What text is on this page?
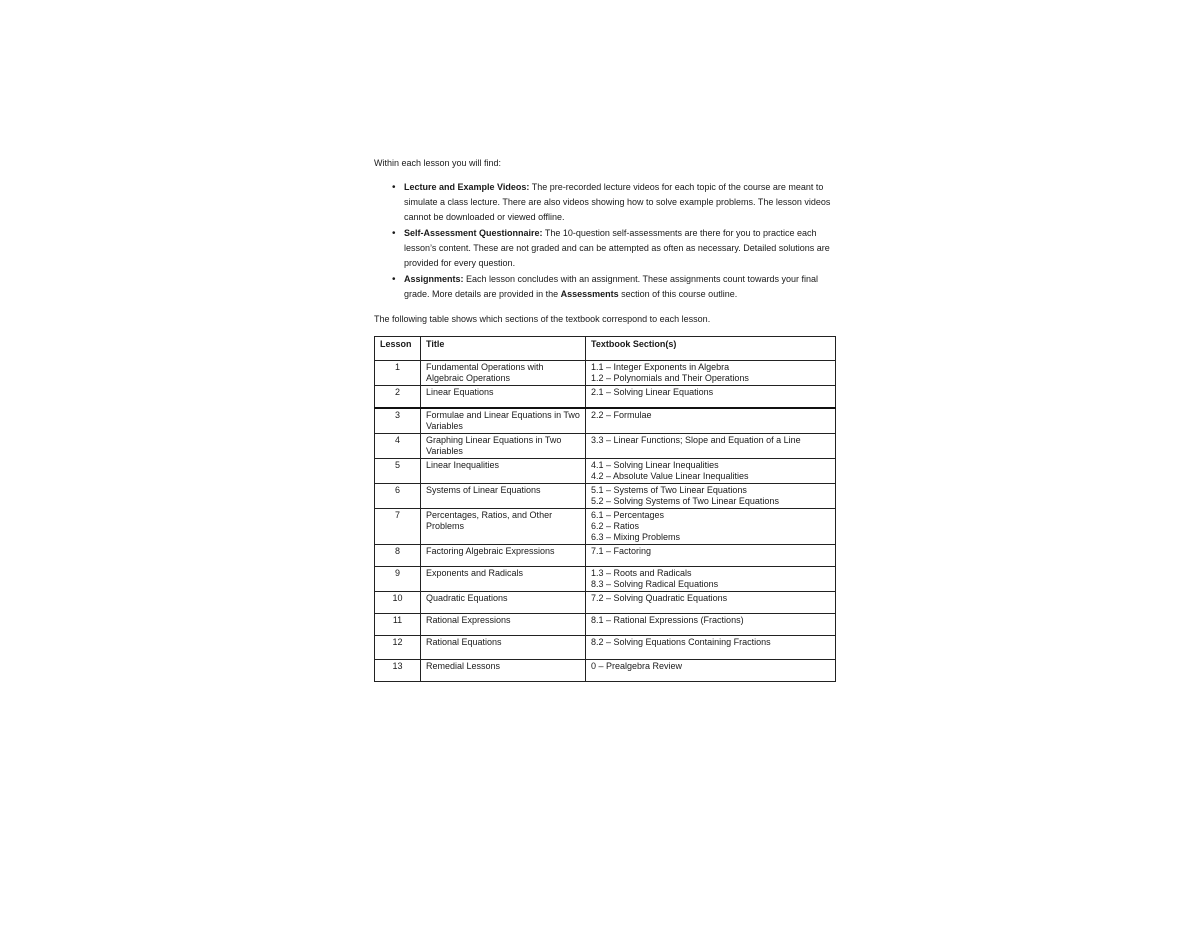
Within each lesson you will find:

• Lecture and Example Videos: The pre-recorded lecture videos for each topic of the course are meant to simulate a class lecture. There are also videos showing how to solve example problems. The lesson videos cannot be downloaded or viewed offline.
• Self-Assessment Questionnaire: The 10-question self-assessments are there for you to practice each lesson’s content. These are not graded and can be attempted as often as necessary. Detailed solutions are provided for every question.
• Assignments: Each lesson concludes with an assignment. These assignments count towards your final grade. More details are provided in the Assessments section of this course outline.

The following table shows which sections of the textbook correspond to each lesson.

Lesson	Title	Textbook Section(s)
1	Fundamental Operations with Algebraic Operations	1.1 – Integer Exponents in Algebra
1.2 – Polynomials and Their Operations

2	Linear Equations	2.1 – Solving Linear Equations

3	Formulae and Linear Equations in Two Variables	2.2 – Formulae

4	Graphing Linear Equations in Two Variables	3.3 – Linear Functions; Slope and Equation of a Line

5	Linear Inequalities	4.1 – Solving Linear Inequalities
4.2 – Absolute Value Linear Inequalities

6	Systems of Linear Equations	5.1 – Systems of Two Linear Equations
5.2 – Solving Systems of Two Linear Equations

7	Percentages, Ratios, and Other Problems	6.1 – Percentages
6.2 – Ratios
6.3 – Mixing Problems

8	Factoring Algebraic Expressions	7.1 – Factoring

9	Exponents and Radicals	1.3 – Roots and Radicals
8.3 – Solving Radical Equations

10	Quadratic Equations	7.2 – Solving Quadratic Equations

11	Rational Expressions	8.1 – Rational Expressions (Fractions)

12	Rational Equations	8.2 – Solving Equations Containing Fractions

13	Remedial Lessons	0 – Prealgebra Review
